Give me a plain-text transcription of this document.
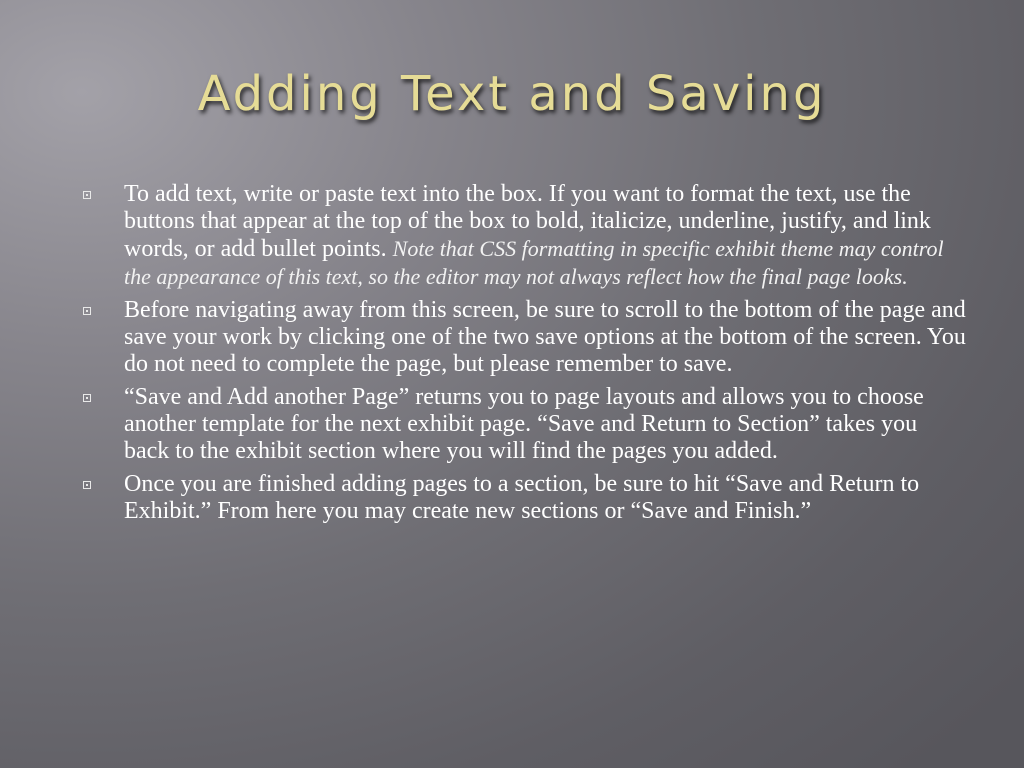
Adding Text and Saving
To add text, write or paste text into the box. If you want to format the text, use the buttons that appear at the top of the box to bold, italicize, underline, justify, and link words, or add bullet points. Note that CSS formatting in specific exhibit theme may control the appearance of this text, so the editor may not always reflect how the final page looks.
Before navigating away from this screen, be sure to scroll to the bottom of the page and save your work by clicking one of the two save options at the bottom of the screen. You do not need to complete the page, but please remember to save.
“Save and Add another Page” returns you to page layouts and allows you to choose another template for the next exhibit page. “Save and Return to Section” takes you back to the exhibit section where you will find the pages you added.
Once you are finished adding pages to a section, be sure to hit “Save and Return to Exhibit.” From here you may create new sections or “Save and Finish.”
